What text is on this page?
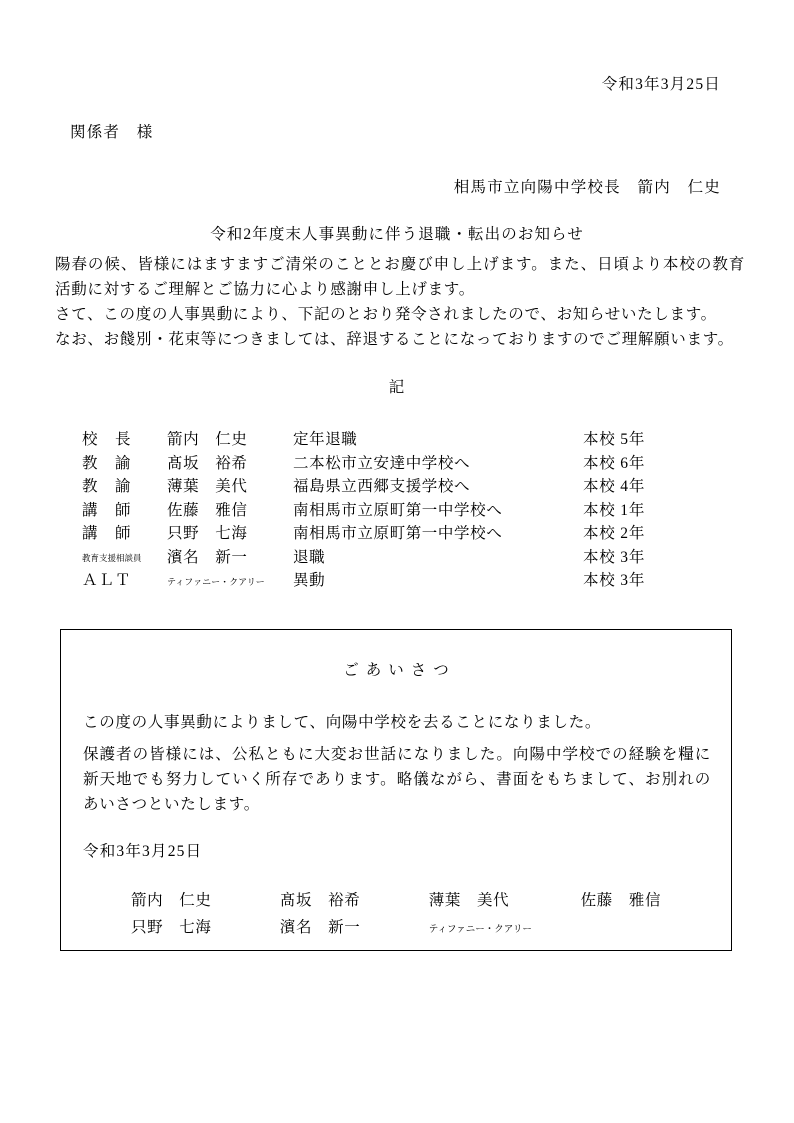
令和3年3月25日
関係者　様
相馬市立向陽中学校長　箭内　仁史
令和2年度末人事異動に伴う退職・転出のお知らせ
陽春の候、皆様にはますますご清栄のこととお慶び申し上げます。また、日頃より本校の教育活動に対するご理解とご協力に心より感謝申し上げます。
さて、この度の人事異動により、下記のとおり発令されましたので、お知らせいたします。
なお、お餞別・花束等につきましては、辞退することになっておりますのでご理解願います。
記
校　長	箭内　仁史	定年退職	本校 5年
教　諭	髙坂　裕希	二本松市立安達中学校へ	本校 6年
教　諭	薄葉　美代	福島県立西郷支援学校へ	本校 4年
講　師	佐藤　雅信	南相馬市立原町第一中学校へ	本校 1年
講　師	只野　七海	南相馬市立原町第一中学校へ	本校 2年
教育支援相談員	濱名　新一	退職	本校 3年
ＡＬＴ	ティファニー・クアリー	異動	本校 3年
ごあいさつ
この度の人事異動によりまして、向陽中学校を去ることになりました。
保護者の皆様には、公私ともに大変お世話になりました。向陽中学校での経験を糧に新天地でも努力していく所存であります。略儀ながら、書面をもちまして、お別れのあいさつといたします。
令和3年3月25日
箭内　仁史	髙坂　裕希	薄葉　美代	佐藤　雅信
只野　七海	濱名　新一	ティファニー・クアリー
